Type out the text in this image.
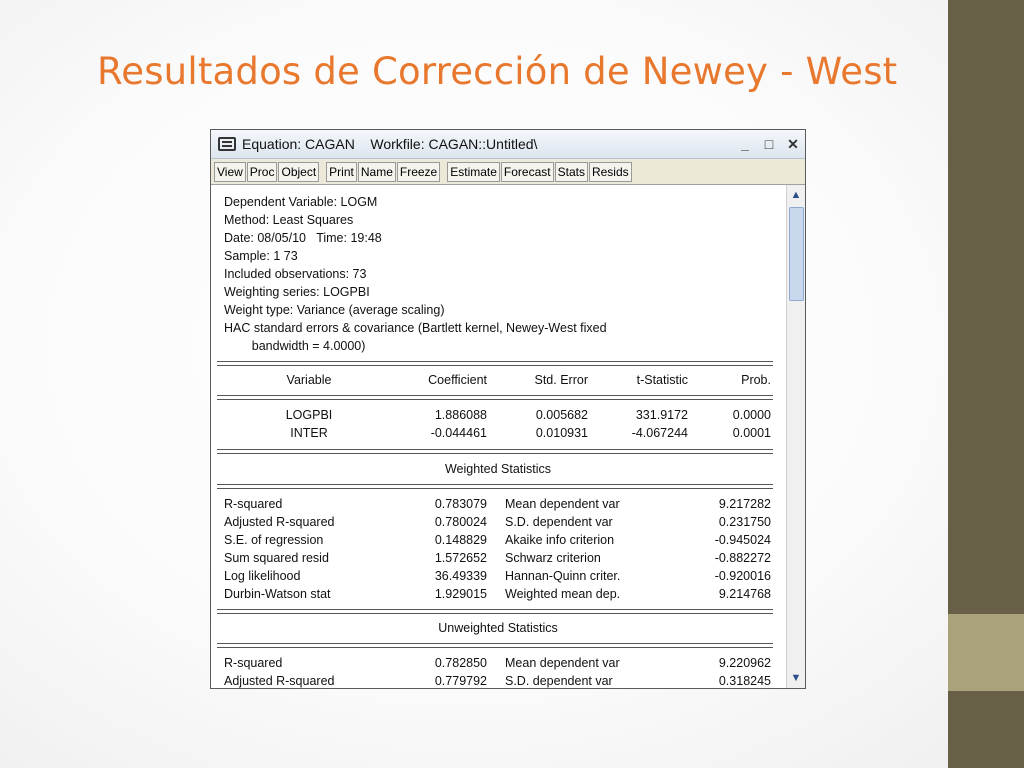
Resultados de Corrección de Newey - West
Equation: CAGAN    Workfile: CAGAN::Untitled\	_	□ ✕
View Proc Object Print Name Freeze Estimate Forecast Stats Resids
Dependent Variable: LOGM
Method: Least Squares
Date: 08/05/10   Time: 19:48
Sample: 1 73
Included observations: 73
Weighting series: LOGPBI
Weight type: Variance (average scaling)
HAC standard errors & covariance (Bartlett kernel, Newey-West fixed
bandwidth = 4.0000)
Variable	Coefficient	Std. Error	t-Statistic	Prob.
LOGPBI	1.886088	0.005682	331.9172	0.0000
INTER	-0.044461	0.010931	-4.067244	0.0001
Weighted Statistics
R-squared	0.783079 Mean dependent var	9.217282
Adjusted R-squared	0.780024 S.D. dependent var	0.231750
S.E. of regression	0.148829 Akaike info criterion	-0.945024
Sum squared resid	1.572652 Schwarz criterion	-0.882272
Log likelihood	36.49339 Hannan-Quinn criter.	-0.920016
Durbin-Watson stat	1.929015 Weighted mean dep.	9.214768
Unweighted Statistics
R-squared	0.782850 Mean dependent var	9.220962
Adjusted R-squared	0.779792 S.D. dependent var	0.318245
▲
▼
